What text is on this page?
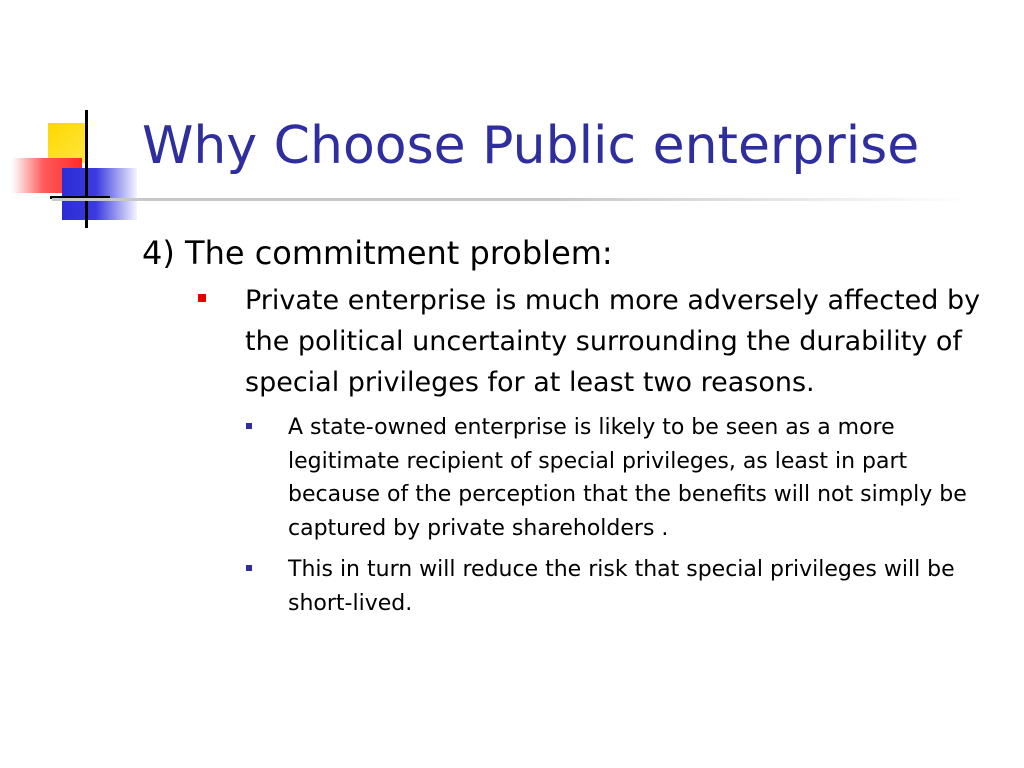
Why Choose Public enterprise

4) The commitment problem:

Private enterprise is much more adversely affected by the political uncertainty surrounding the durability of special privileges for at least two reasons.
A state-owned enterprise is likely to be seen as a more legitimate recipient of special privileges, as least in part because of the perception that the benefits will not simply be captured by private shareholders .
This in turn will reduce the risk that special privileges will be short-lived.
